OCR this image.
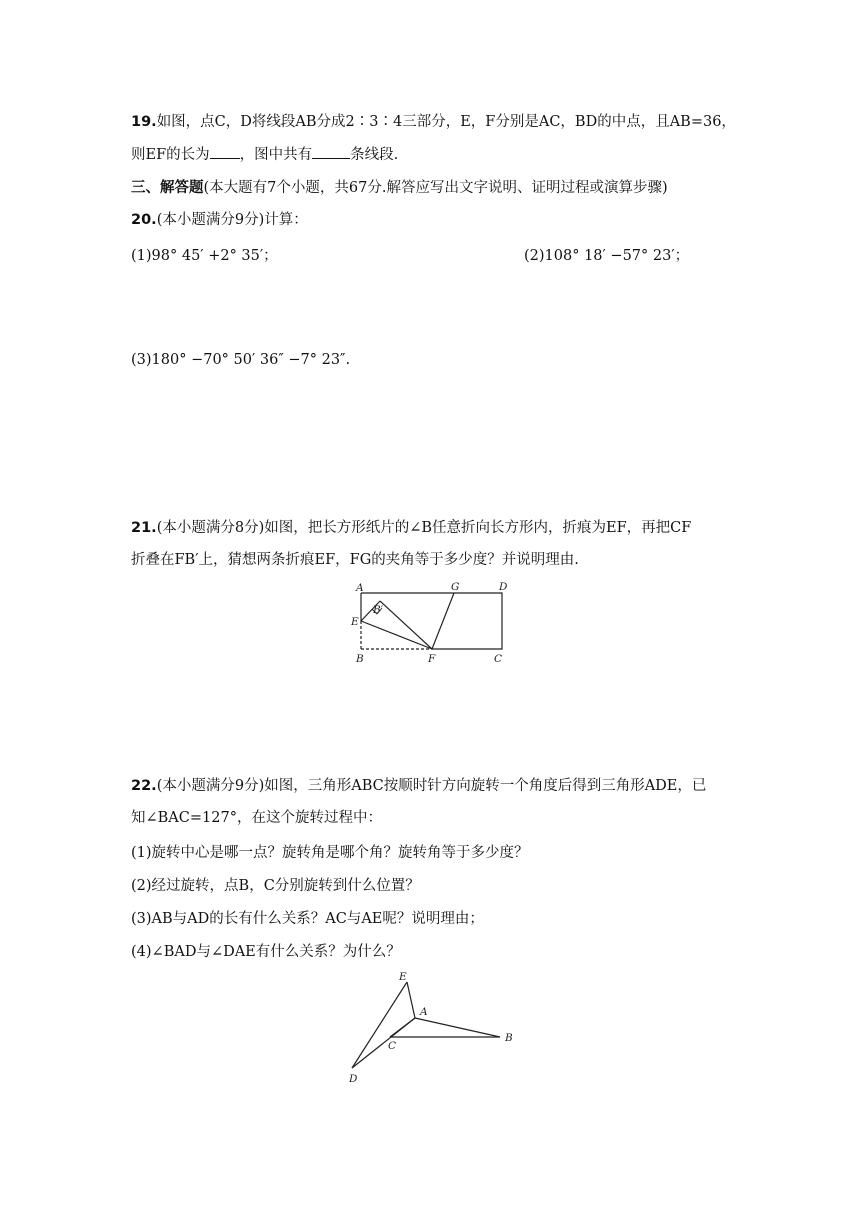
19.如图，点C，D将线段AB分成2∶3∶4三部分，E，F分别是AC，BD的中点，且AB=36，
则EF的长为 ，图中共有	条线段.
三、解答题(本大题有7个小题，共67分.解答应写出文字说明、证明过程或演算步骤)
20.(本小题满分9分)计算：
(1)98° 45′ +2° 35′；	(2)108° 18′ −57° 23′；
(3)180° −70° 50′ 36″ −7° 23″.
21.(本小题满分8分)如图，把长方形纸片的∠B任意折向长方形内，折痕为EF，再把CF
折叠在FB′上，猜想两条折痕EF，FG的夹角等于多少度？并说明理由.
A	G	D
B′
E
B	F	C
22.(本小题满分9分)如图，三角形ABC按顺时针方向旋转一个角度后得到三角形ADE，已
知∠BAC=127°，在这个旋转过程中：
(1)旋转中心是哪一点？旋转角是哪个角？旋转角等于多少度？
(2)经过旋转，点B，C分别旋转到什么位置？
(3)AB与AD的长有什么关系？AC与AE呢？说明理由；
(4)∠BAD与∠DAE有什么关系？为什么？
E
A
B
C
D
